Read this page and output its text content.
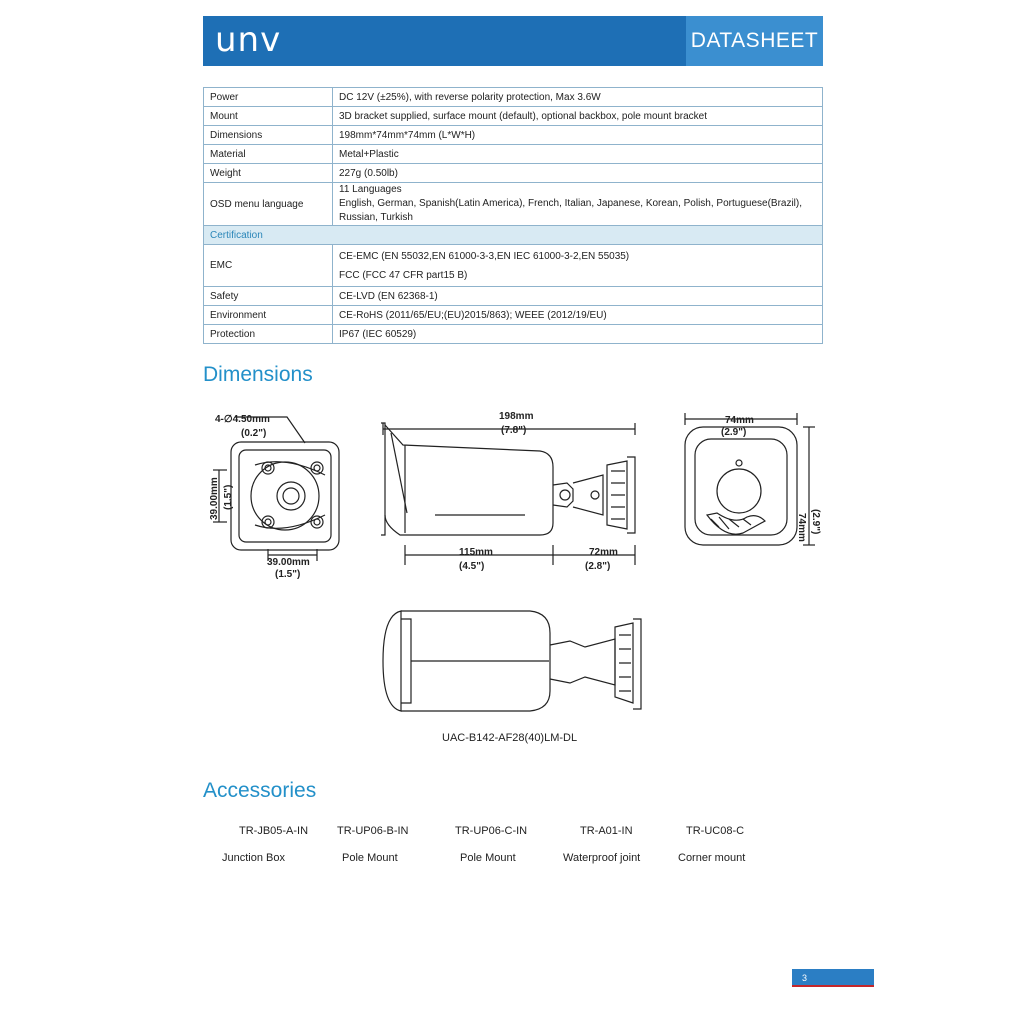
unv	DATASHEET
Power	DC 12V (±25%), with reverse polarity protection, Max 3.6W
Mount	3D bracket supplied, surface mount (default), optional backbox, pole mount bracket
Dimensions	198mm*74mm*74mm (L*W*H)
Material	Metal+Plastic
Weight	227g (0.50lb)
OSD menu language	11 Languages
English, German, Spanish(Latin America), French, Italian, Japanese, Korean, Polish, Portuguese(Brazil),
Russian, Turkish

Certification	
EMC	CE-EMC (EN 55032,EN 61000-3-3,EN IEC 61000-3-2,EN 55035)
FCC (FCC 47 CFR part15 B)

Safety	CE-LVD (EN 62368-1)
Environment	CE-RoHS (2011/65/EU;(EU)2015/863); WEEE (2012/19/EU)
Protection	IP67 (IEC 60529)
Dimensions
4-∅4.50mm
(0.2")
39.00mm (1.5")
39.00mm
(1.5")
198mm
(7.8")
115mm
(4.5")
72mm
(2.8")
74mm
(2.9")
74mm (2.9")
UAC-B142-AF28(40)LM-DL
Accessories
TR-JB05-A-IN	TR-UP06-B-IN	TR-UP06-C-IN	TR-A01-IN	TR-UC08-C
Junction Box	Pole Mount	Pole Mount	Waterproof joint	Corner mount
3
